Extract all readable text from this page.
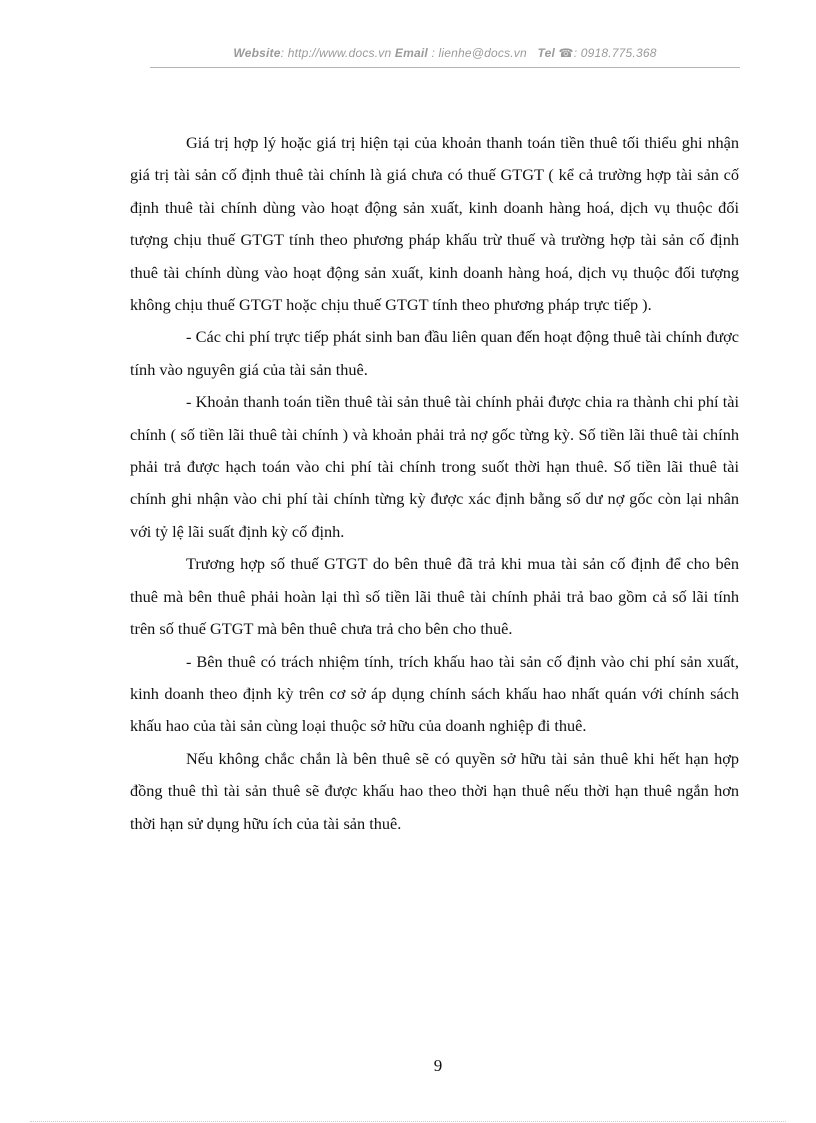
Website: http://www.docs.vn Email : lienhe@docs.vn Tel ☎: 0918.775.368

Giá trị hợp lý hoặc giá trị hiện tại của khoản thanh toán tiền thuê tối thiểu ghi nhận giá trị tài sản cố định thuê tài chính là giá chưa có thuế GTGT ( kể cả trường hợp tài sản cố định thuê tài chính dùng vào hoạt động sản xuất, kinh doanh hàng hoá, dịch vụ thuộc đối tượng chịu thuế GTGT tính theo phương pháp khấu trừ thuế và trường hợp tài sản cố định thuê tài chính dùng vào hoạt động sản xuất, kinh doanh hàng hoá, dịch vụ thuộc đối tượng không chịu thuế GTGT hoặc chịu thuế GTGT tính theo phương pháp trực tiếp ).

- Các chi phí trực tiếp phát sinh ban đầu liên quan đến hoạt động thuê tài chính được tính vào nguyên giá của tài sản thuê.

- Khoản thanh toán tiền thuê tài sản thuê tài chính phải được chia ra thành chi phí tài chính ( số tiền lãi thuê tài chính ) và khoản phải trả nợ gốc từng kỳ. Số tiền lãi thuê tài chính phải trả được hạch toán vào chi phí tài chính trong suốt thời hạn thuê. Số tiền lãi thuê tài chính ghi nhận vào chi phí tài chính từng kỳ được xác định bằng số dư nợ gốc còn lại nhân với tỷ lệ lãi suất định kỳ cố định.

Trương hợp số thuế GTGT do bên thuê đã trả khi mua tài sản cố định để cho bên thuê mà bên thuê phải hoàn lại thì số tiền lãi thuê tài chính phải trả bao gồm cả số lãi tính trên số thuế GTGT mà bên thuê chưa trả cho bên cho thuê.

- Bên thuê có trách nhiệm tính, trích khấu hao tài sản cố định vào chi phí sản xuất, kinh doanh theo định kỳ trên cơ sở áp dụng chính sách khấu hao nhất quán với chính sách khấu hao của tài sản cùng loại thuộc sở hữu của doanh nghiệp đi thuê.

Nếu không chắc chắn là bên thuê sẽ có quyền sở hữu tài sản thuê khi hết hạn hợp đồng thuê thì tài sản thuê sẽ được khấu hao theo thời hạn thuê nếu thời hạn thuê ngắn hơn thời hạn sử dụng hữu ích của tài sản thuê.

9
